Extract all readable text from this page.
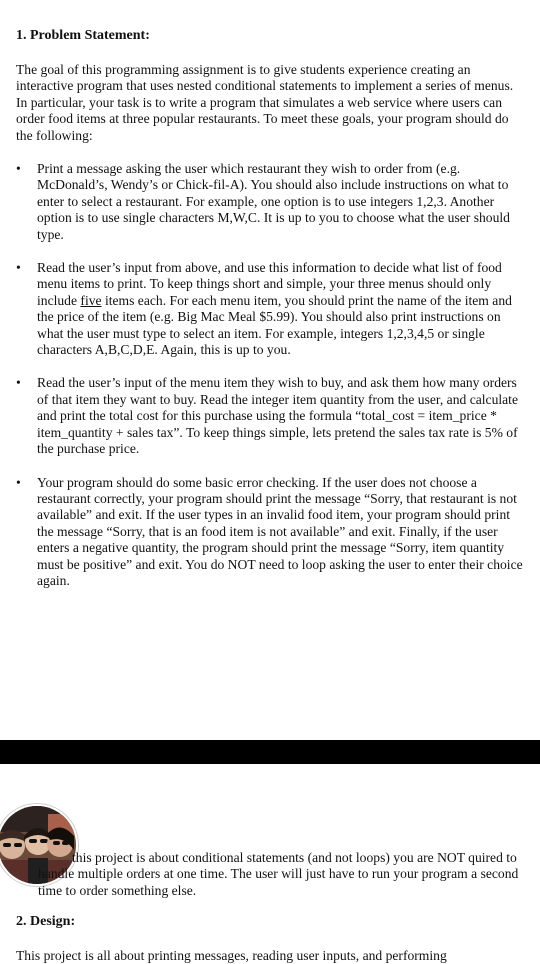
1. Problem Statement:

The goal of this programming assignment is to give students experience creating an interactive program that uses nested conditional statements to implement a series of menus. In particular, your task is to write a program that simulates a web service where users can order food items at three popular restaurants. To meet these goals, your program should do the following:

• Print a message asking the user which restaurant they wish to order from (e.g. McDonald’s, Wendy’s or Chick-fil-A). You should also include instructions on what to enter to select a restaurant. For example, one option is to use integers 1,2,3. Another option is to use single characters M,W,C. It is up to you to choose what the user should type.
• Read the user’s input from above, and use this information to decide what list of food menu items to print. To keep things short and simple, your three menus should only include five items each. For each menu item, you should print the name of the item and the price of the item (e.g. Big Mac Meal $5.99). You should also print instructions on what the user must type to select an item. For example, integers 1,2,3,4,5 or single characters A,B,C,D,E. Again, this is up to you.
• Read the user’s input of the menu item they wish to buy, and ask them how many orders of that item they want to buy. Read the integer item quantity from the user, and calculate and print the total cost for this purchase using the formula “total_cost = item_price * item_quantity + sales tax”. To keep things simple, lets pretend the sales tax rate is 5% of the purchase price.
• Your program should do some basic error checking. If the user does not choose a restaurant correctly, your program should print the message “Sorry, that restaurant is not available” and exit. If the user types in an invalid food item, your program should print the message “Sorry, that is an food item is not available” and exit. Finally, if the user enters a negative quantity, the program should print the message “Sorry, item quantity must be positive” and exit. You do NOT need to loop asking the user to enter their choice again.

this project is about conditional statements (and not loops) you are NOT quired to handle multiple orders at one time. The user will just have to run your program a second time to order something else.

2. Design:
This project is all about printing messages, reading user inputs, and performing
